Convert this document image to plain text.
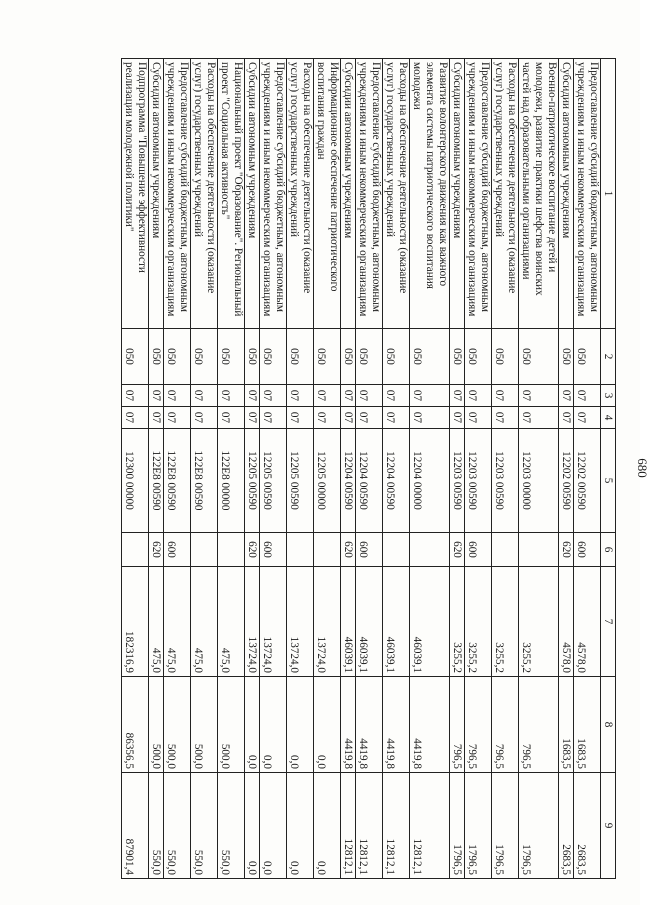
680
1	2	3	4	5	6	7	8	9
Предоставление субсидий бюджетным, автономным учреждениям и иным некоммерческим организациям	050	07	07	12202 00590	600	4578,0	1683,5	2683,5
Субсидии автономным учреждениям	050	07	07	12202 00590	620	4578,0	1683,5	2683,5
Военно-патриотическое воспитание детей и молодежи, развитие практики шефства воинских частей над образовательными организациями	050	07	07	12203 00000		3255,2	796,5	1796,5
Расходы на обеспечение деятельности (оказание услуг) государственных учреждений	050	07	07	12203 00590		3255,2	796,5	1796,5
Предоставление субсидий бюджетным, автономным учреждениям и иным некоммерческим организациям	050	07	07	12203 00590	600	3255,2	796,5	1796,5
Субсидии автономным учреждениям	050	07	07	12203 00590	620	3255,2	796,5	1796,5
Развитие волонтерского движения как важного элемента системы патриотического воспитания молодежи	050	07	07	12204 00000		46039,1	4419,8	12812,1
Расходы на обеспечение деятельности (оказание услуг) государственных учреждений	050	07	07	12204 00590		46039,1	4419,8	12812,1
Предоставление субсидий бюджетным, автономным учреждениям и иным некоммерческим организациям	050	07	07	12204 00590	600	46039,1	4419,8	12812,1
Субсидии автономным учреждениям	050	07	07	12204 00590	620	46039,1	4419,8	12812,1
Информационное обеспечение патриотического воспитания граждан	050	07	07	12205 00000		13724,0	0,0	0,0
Расходы на обеспечение деятельности (оказание услуг) государственных учреждений	050	07	07	12205 00590		13724,0	0,0	0,0
Предоставление субсидий бюджетным, автономным учреждениям и иным некоммерческим организациям	050	07	07	12205 00590	600	13724,0	0,0	0,0
Субсидии автономным учреждениям	050	07	07	12205 00590	620	13724,0	0,0	0,0
Национальный проект "Образование". Региональный проект "Социальная активность"	050	07	07	122E8 00000		475,0	500,0	550,0
Расходы на обеспечение деятельности (оказание услуг) государственных учреждений	050	07	07	122E8 00590		475,0	500,0	550,0
Предоставление субсидий бюджетным, автономным учреждениям и иным некоммерческим организациям	050	07	07	122E8 00590	600	475,0	500,0	550,0
Субсидии автономным учреждениям	050	07	07	122E8 00590	620	475,0	500,0	550,0
Подпрограмма "Повышение эффективности реализации молодежной политики"	050	07	07	12300 00000		182316,9	86356,5	87901,4
